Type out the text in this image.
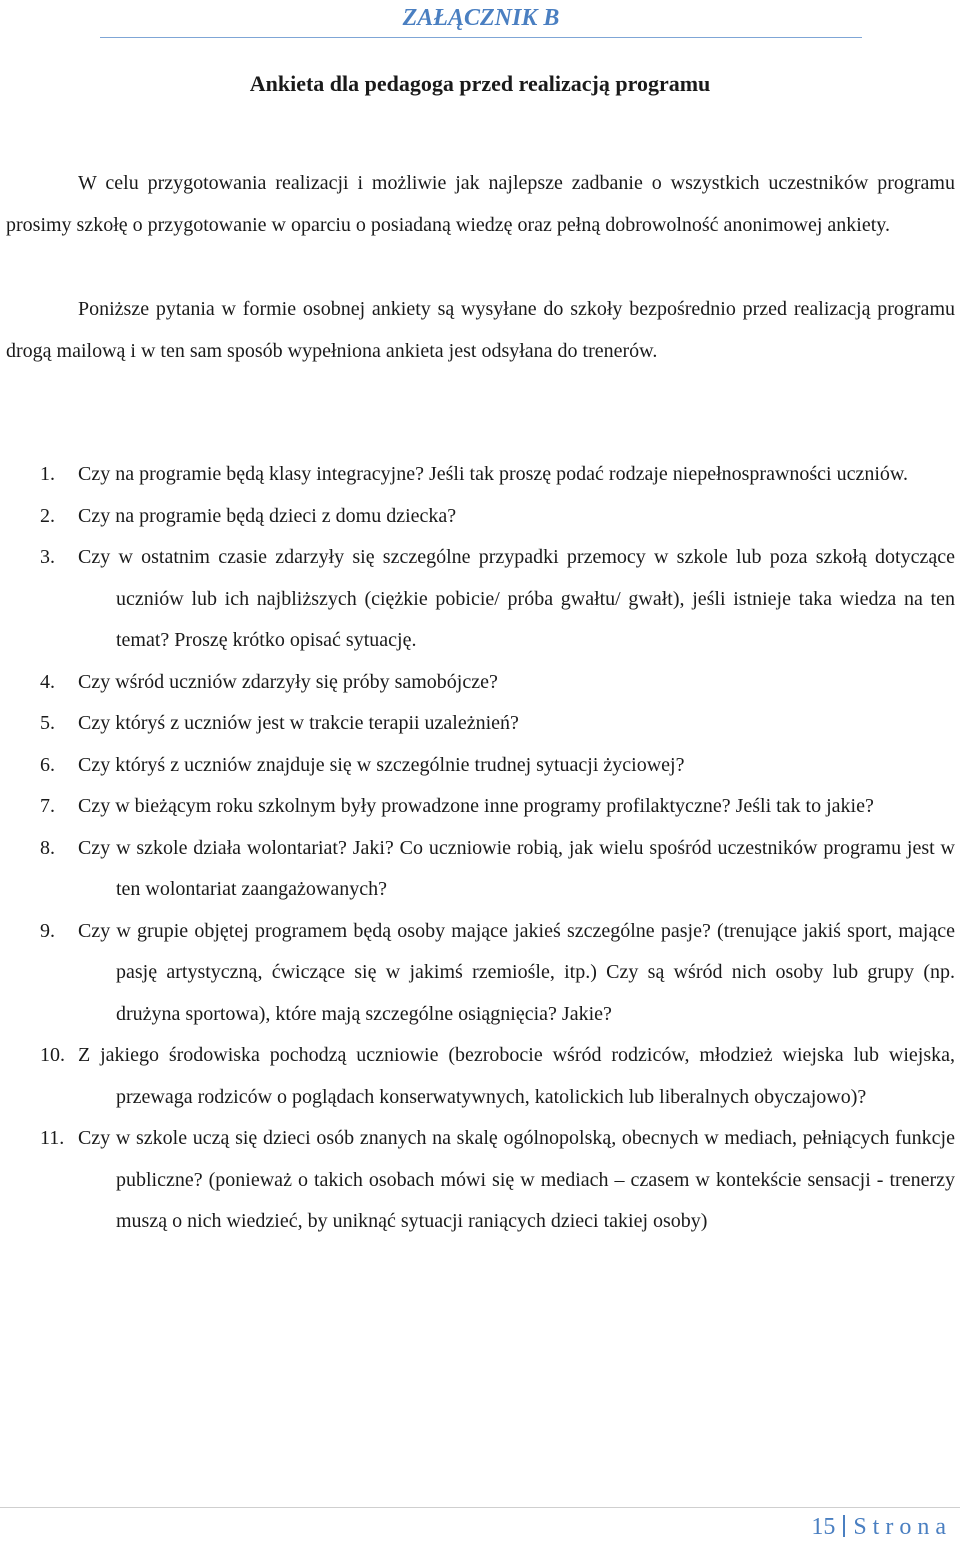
ZAŁĄCZNIK B
Ankieta dla pedagoga przed realizacją programu

W celu przygotowania realizacji i możliwie jak najlepsze zadbanie o wszystkich uczestników programu prosimy szkołę o przygotowanie w oparciu o posiadaną wiedzę oraz pełną dobrowolność anonimowej ankiety.

Poniższe pytania w formie osobnej ankiety są wysyłane do szkoły bezpośrednio przed realizacją programu drogą mailową i w ten sam sposób wypełniona ankieta jest odsyłana do trenerów.

1.	Czy na programie będą klasy integracyjne? Jeśli tak proszę podać rodzaje niepełnosprawności uczniów.
2.	Czy na programie będą dzieci z domu dziecka?
3.	Czy w ostatnim czasie zdarzyły się szczególne przypadki przemocy w szkole lub poza szkołą dotyczące uczniów lub ich najbliższych (ciężkie pobicie/ próba gwałtu/ gwałt), jeśli istnieje taka wiedza na ten temat? Proszę krótko opisać sytuację.
4.	Czy wśród uczniów zdarzyły się próby samobójcze?
5.	Czy któryś z uczniów jest w trakcie terapii uzależnień?
6.	Czy któryś z uczniów znajduje się w szczególnie trudnej sytuacji życiowej?
7.	Czy w bieżącym roku szkolnym były prowadzone inne programy profilaktyczne? Jeśli tak to jakie?
8.	Czy w szkole działa wolontariat? Jaki? Co uczniowie robią, jak wielu spośród uczestników programu jest w ten wolontariat zaangażowanych?
9.	Czy w grupie objętej programem będą osoby mające jakieś szczególne pasje? (trenujące jakiś sport, mające pasję artystyczną, ćwiczące się w jakimś rzemiośle, itp.) Czy są wśród nich osoby lub grupy (np. drużyna sportowa), które mają szczególne osiągnięcia? Jakie?
10. Z jakiego środowiska pochodzą uczniowie (bezrobocie wśród rodziców, młodzież wiejska lub wiejska, przewaga rodziców o poglądach konserwatywnych, katolickich lub liberalnych obyczajowo)?
11. Czy w szkole uczą się dzieci osób znanych na skalę ogólnopolską, obecnych w mediach, pełniących funkcje publiczne? (ponieważ o takich osobach mówi się w mediach – czasem w kontekście sensacji - trenerzy muszą o nich wiedzieć, by uniknąć sytuacji raniących dzieci takiej osoby)
15 Strona
